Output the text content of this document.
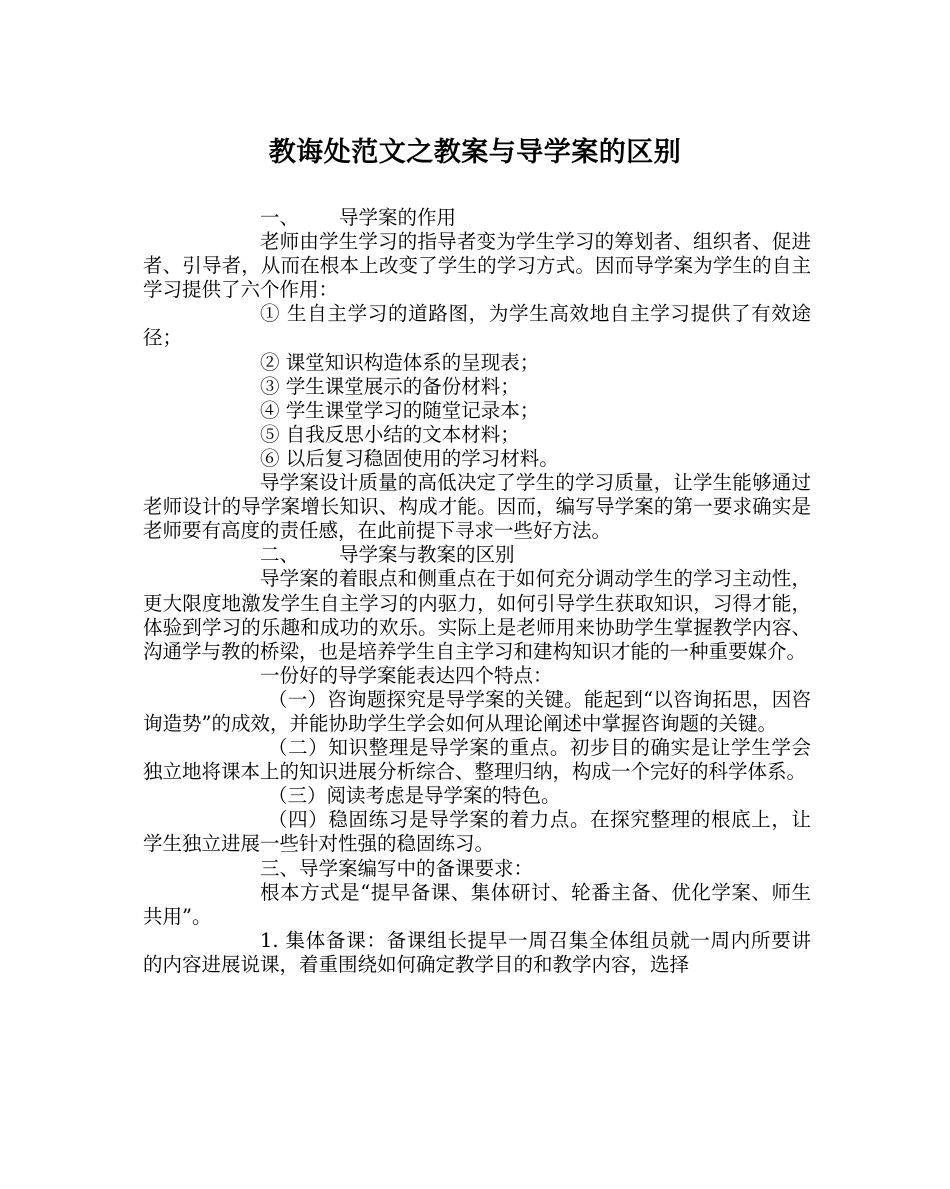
教诲处范文之教案与导学案的区别

一、 导学案的作用

老师由学生学习的指导者变为学生学习的筹划者、组织者、促进者、引导者，从而在根本上改变了学生的学习方式。因而导学案为学生的自主学习提供了六个作用：

① 生自主学习的道路图，为学生高效地自主学习提供了有效途径；

② 课堂知识构造体系的呈现表；

③ 学生课堂展示的备份材料；

④ 学生课堂学习的随堂记录本；

⑤ 自我反思小结的文本材料；

⑥ 以后复习稳固使用的学习材料。

导学案设计质量的高低决定了学生的学习质量，让学生能够通过老师设计的导学案增长知识、构成才能。因而，编写导学案的第一要求确实是老师要有高度的责任感，在此前提下寻求一些好方法。

二、 导学案与教案的区别

导学案的着眼点和侧重点在于如何充分调动学生的学习主动性，更大限度地激发学生自主学习的内驱力，如何引导学生获取知识，习得才能，体验到学习的乐趣和成功的欢乐。实际上是老师用来协助学生掌握教学内容、沟通学与教的桥梁，也是培养学生自主学习和建构知识才能的一种重要媒介。

一份好的导学案能表达四个特点：

（一）咨询题探究是导学案的关键。能起到“以咨询拓思，因咨询造势”的成效，并能协助学生学会如何从理论阐述中掌握咨询题的关键。

（二）知识整理是导学案的重点。初步目的确实是让学生学会独立地将课本上的知识进展分析综合、整理归纳，构成一个完好的科学体系。

（三）阅读考虑是导学案的特色。

（四）稳固练习是导学案的着力点。在探究整理的根底上，让学生独立进展一些针对性强的稳固练习。

三、导学案编写中的备课要求：

根本方式是“提早备课、集体研讨、轮番主备、优化学案、师生共用”。

1. 集体备课：备课组长提早一周召集全体组员就一周内所要讲的内容进展说课，着重围绕如何确定教学目的和教学内容，选择
